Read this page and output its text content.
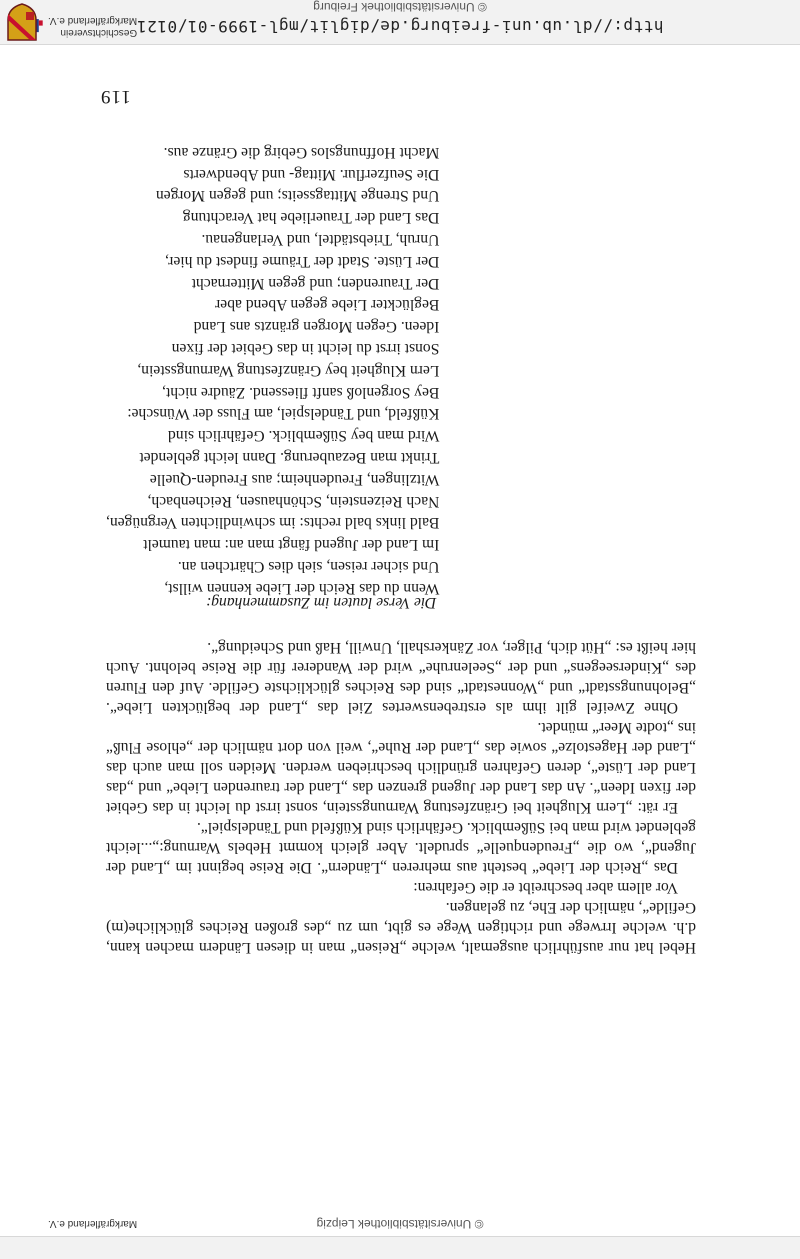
© Universitätsbibliothek Freiburg
http://dl.ub.uni-freiburg.de/diglit/mgl-1999-01/0121
Geschichtsverein
Markgräflerland e.V.
119
Wenn du das Reich der Liebe kennen willst,
Und sicher reisen, sieh dies Chärtchen an.
Im Land der Jugend fängt man an: man taumelt
Bald links bald rechts: im schwindlichten Vergnügen,
Nach Reizenstein, Schönhausen, Reichenbach,
Witzlingen, Freudenheim; aus Freuden-Quelle
Trinkt man Bezauberung. Dann leicht geblendet
Wird man bey Süßemblick. Gefährlich sind
Küßfeld, und Tändelspiel, am Fluss der Wünsche:
Bey Sorgenloß sanft fliessend. Zäudre nicht,
Lern Klugheit bey Gränzfestung Warnungsstein,
Sonst irrst du leicht in das Gebiet der fixen
Ideen. Gegen Morgen gränzts ans Land
Beglückter Liebe gegen Abend aber
Der Traurenden; und gegen Mitternacht
Der Lüste. Stadt der Träume findest du hier,
Unruh, Triebstädtel, und Verlangenau.
Das Land der Trauerliebe hat Verachtung
Und Strenge Mittagsseits; und gegen Morgen
Die Seufzerflur. Mittag- und Abendwerts
Macht Hoffnungslos Gebirg die Gränze aus.
Die Verse lauten im Zusammenhang:

Hebel hat nur ausführlich ausgemalt, welche „Reisen“ man in diesen Ländern machen kann, d.h. welche Irrwege und richtigen Wege es gibt, um zu „des großen Reiches glückliche(m) Gefilde“, nämlich der Ehe, zu gelangen.

Vor allem aber beschreibt er die Gefahren:

Das „Reich der Liebe“ besteht aus mehreren „Ländern“. Die Reise beginnt im „Land der Jugend“, wo die „Freudenquelle“ sprudelt. Aber gleich kommt Hebels Warnung:„...leicht geblendet wird man bei Süßemblick. Gefährlich sind Küßfeld und Tändelspiel“.

Er rät: „Lern Klugheit bei Gränzfestung Warnungsstein, sonst irrst du leicht in das Gebiet der fixen Ideen“. An das Land der Jugend grenzen das „Land der traurenden Liebe“ und „das Land der Lüste“, deren Gefahren gründlich beschrieben werden. Meiden soll man auch das „Land der Hagestolze“ sowie das „Land der Ruhe“, weil von dort nämlich der „ehlose Fluß“ ins „todte Meer“ mündet.

Ohne Zweifel gilt ihm als erstrebenswertes Ziel das „Land der beglückten Liebe“. „Belohnungsstadt“ und „Wonnestadt“ sind des Reiches glücklichste Gefilde. Auf den Fluren des „Kinderseegens“ und der „Seelenruhe“ wird der Wanderer für die Reise belohnt. Auch hier heißt es: „Hüt dich, Pilger, vor Zänkershall, Unwill, Haß und Scheidung“.

© Universitätsbibliothek Leipzig
Markgräflerland e.V.
